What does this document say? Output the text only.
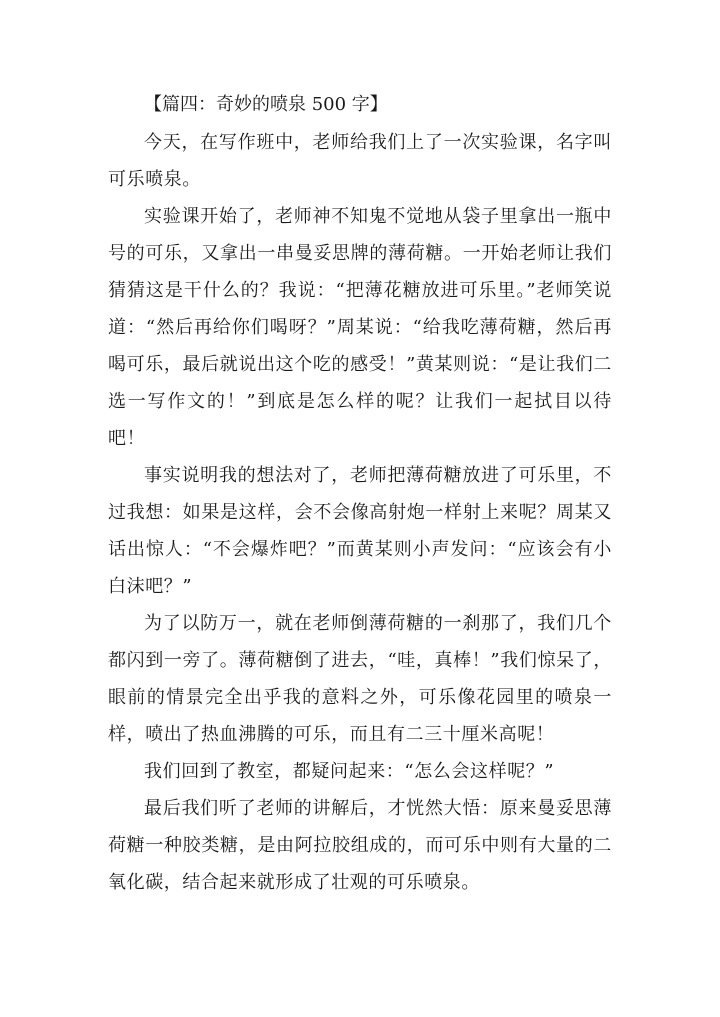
【篇四：奇妙的喷泉 500 字】

今天，在写作班中，老师给我们上了一次实验课，名字叫可乐喷泉。

实验课开始了，老师神不知鬼不觉地从袋子里拿出一瓶中号的可乐，又拿出一串曼妥思牌的薄荷糖。一开始老师让我们猜猜这是干什么的？我说：“把薄花糖放进可乐里。”老师笑说道：“然后再给你们喝呀？”周某说：“给我吃薄荷糖，然后再喝可乐，最后就说出这个吃的感受！”黄某则说：“是让我们二选一写作文的！”到底是怎么样的呢？让我们一起拭目以待吧！

事实说明我的想法对了，老师把薄荷糖放进了可乐里，不过我想：如果是这样，会不会像高射炮一样射上来呢？周某又话出惊人：“不会爆炸吧？”而黄某则小声发问：“应该会有小白沫吧？”

为了以防万一，就在老师倒薄荷糖的一刹那了，我们几个都闪到一旁了。薄荷糖倒了进去，“哇，真棒！”我们惊呆了，眼前的情景完全出乎我的意料之外，可乐像花园里的喷泉一样，喷出了热血沸腾的可乐，而且有二三十厘米高呢！

我们回到了教室，都疑问起来：“怎么会这样呢？”

最后我们听了老师的讲解后，才恍然大悟：原来曼妥思薄荷糖一种胶类糖，是由阿拉胶组成的，而可乐中则有大量的二氧化碳，结合起来就形成了壮观的可乐喷泉。
